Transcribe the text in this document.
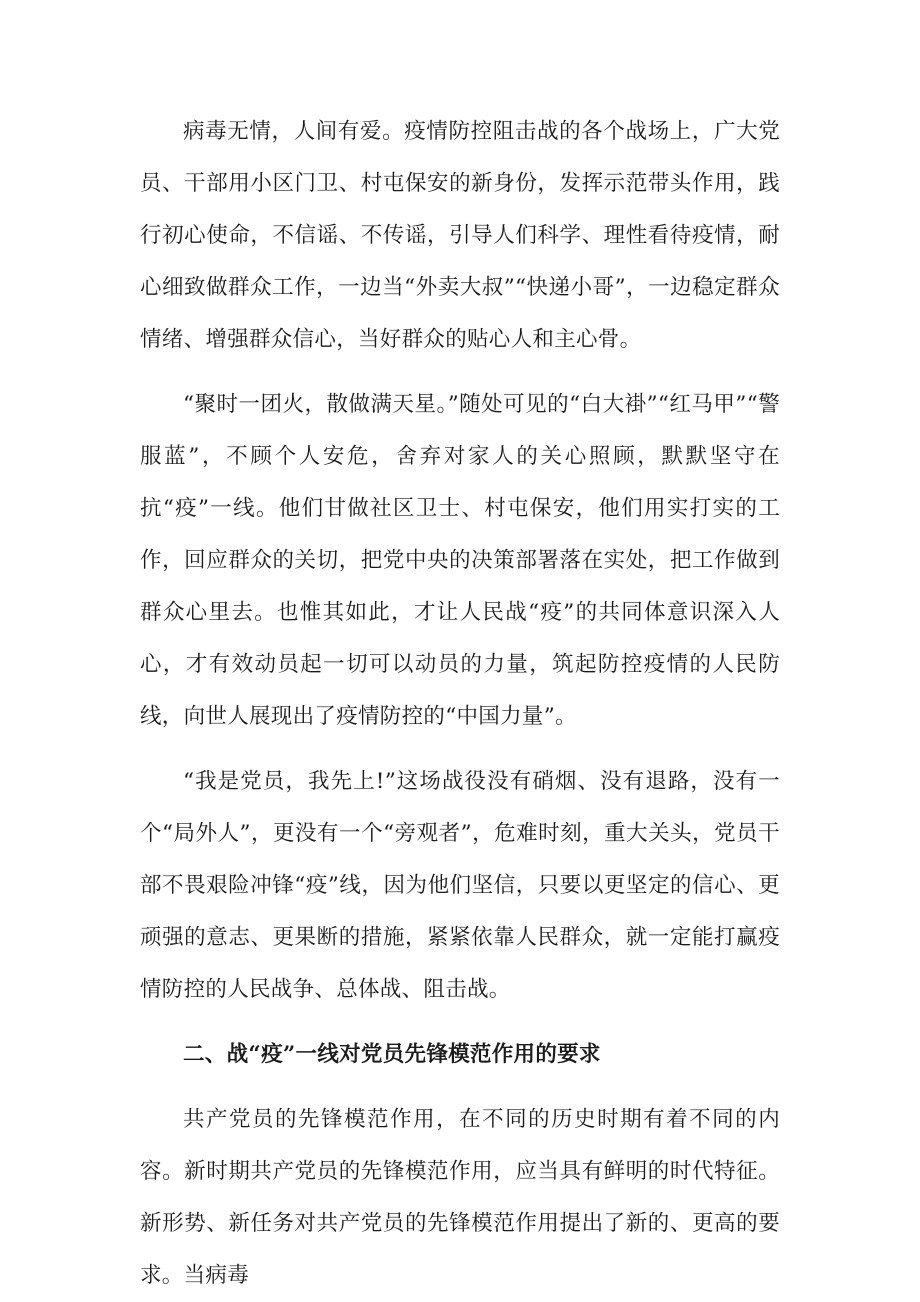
病毒无情，人间有爱。疫情防控阻击战的各个战场上，广大党员、干部用小区门卫、村屯保安的新身份，发挥示范带头作用，践行初心使命，不信谣、不传谣，引导人们科学、理性看待疫情，耐心细致做群众工作，一边当“外卖大叔”“快递小哥”，一边稳定群众情绪、增强群众信心，当好群众的贴心人和主心骨。

“聚时一团火，散做满天星。”随处可见的“白大褂”“红马甲”“警服蓝”，不顾个人安危，舍弃对家人的关心照顾，默默坚守在抗“疫”一线。他们甘做社区卫士、村屯保安，他们用实打实的工作，回应群众的关切，把党中央的决策部署落在实处，把工作做到群众心里去。也惟其如此，才让人民战“疫”的共同体意识深入人心，才有效动员起一切可以动员的力量，筑起防控疫情的人民防线，向世人展现出了疫情防控的“中国力量”。

“我是党员，我先上!”这场战役没有硝烟、没有退路，没有一个“局外人”，更没有一个“旁观者”，危难时刻，重大关头，党员干部不畏艰险冲锋“疫”线，因为他们坚信，只要以更坚定的信心、更顽强的意志、更果断的措施，紧紧依靠人民群众，就一定能打赢疫情防控的人民战争、总体战、阻击战。

二、战“疫”一线对党员先锋模范作用的要求

共产党员的先锋模范作用，在不同的历史时期有着不同的内容。新时期共产党员的先锋模范作用，应当具有鲜明的时代特征。新形势、新任务对共产党员的先锋模范作用提出了新的、更高的要求。当病毒
